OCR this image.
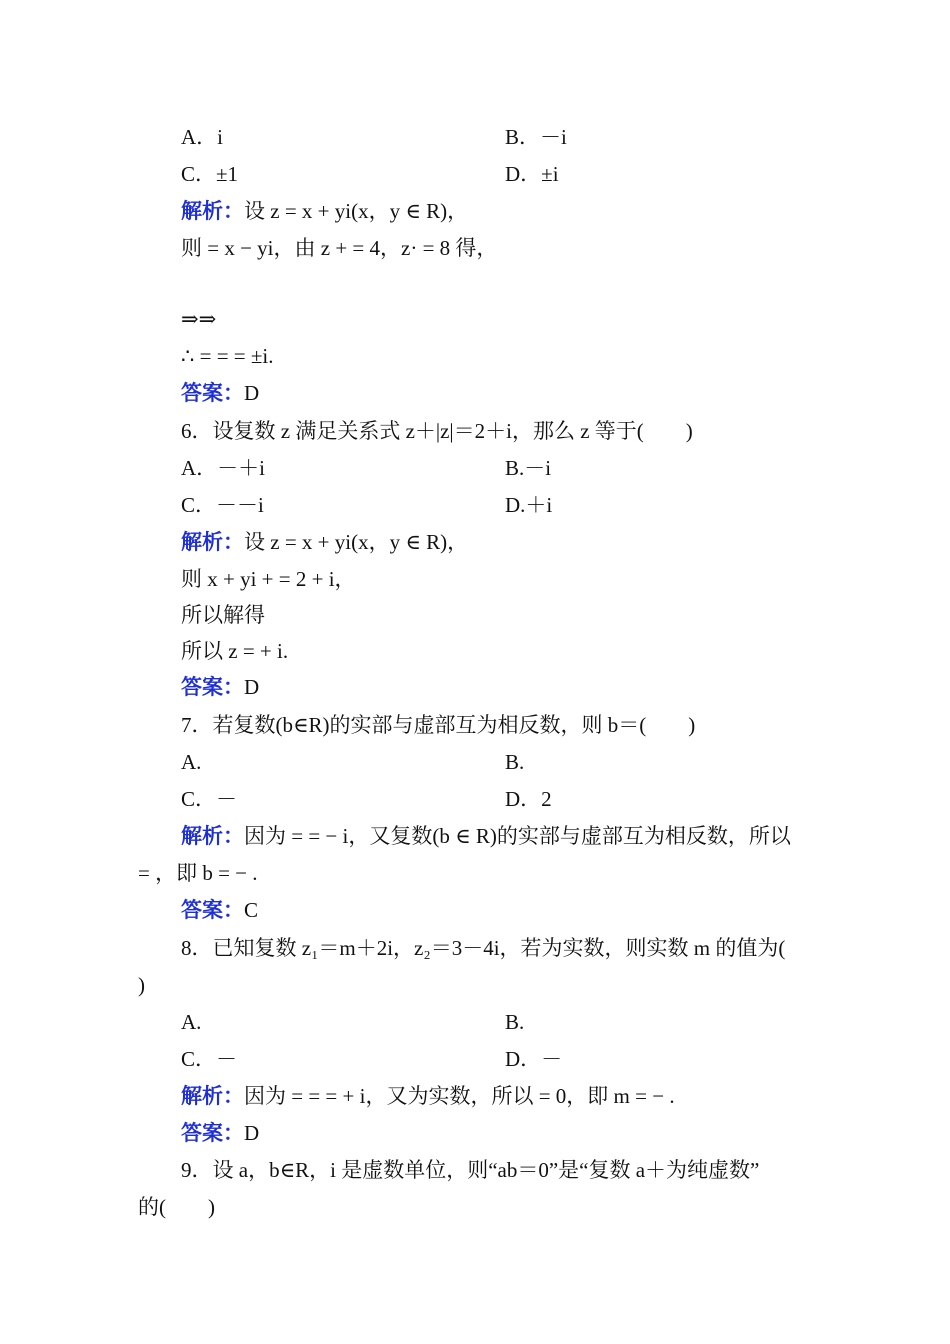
A．i	B．－i
C．±1	D．±i
解析：设 z = x + yi(x，y ∈ R)，
则 = x − yi，由 z + = 4，z· = 8 得，
⇒⇒
∴ = = = ±i.
答案：D
6．设复数 z 满足关系式 z＋|z|＝2＋i，那么 z 等于(　　)
A．－＋i	B.－i
C．－－i	D.＋i
解析：设 z = x + yi(x，y ∈ R)，
则 x + yi + = 2 + i，
所以解得
所以 z = + i.
答案：D
7．若复数(b∈R)的实部与虚部互为相反数，则 b＝(　　)
A.	B.
C．－	D．2
解析：因为 = = − i，又复数(b ∈ R)的实部与虚部互为相反数，所以
= ，即 b = − .
答案：C
8．已知复数 z₁＝m＋2i，z₂＝3－4i，若为实数，则实数 m 的值为(
)
A.	B.
C．－	D．－
解析：因为 = = = + i，又为实数，所以 = 0，即 m = − .
答案：D
9．设 a，b∈R，i 是虚数单位，则“ab＝0”是“复数 a＋为纯虚数”
的(　　)
